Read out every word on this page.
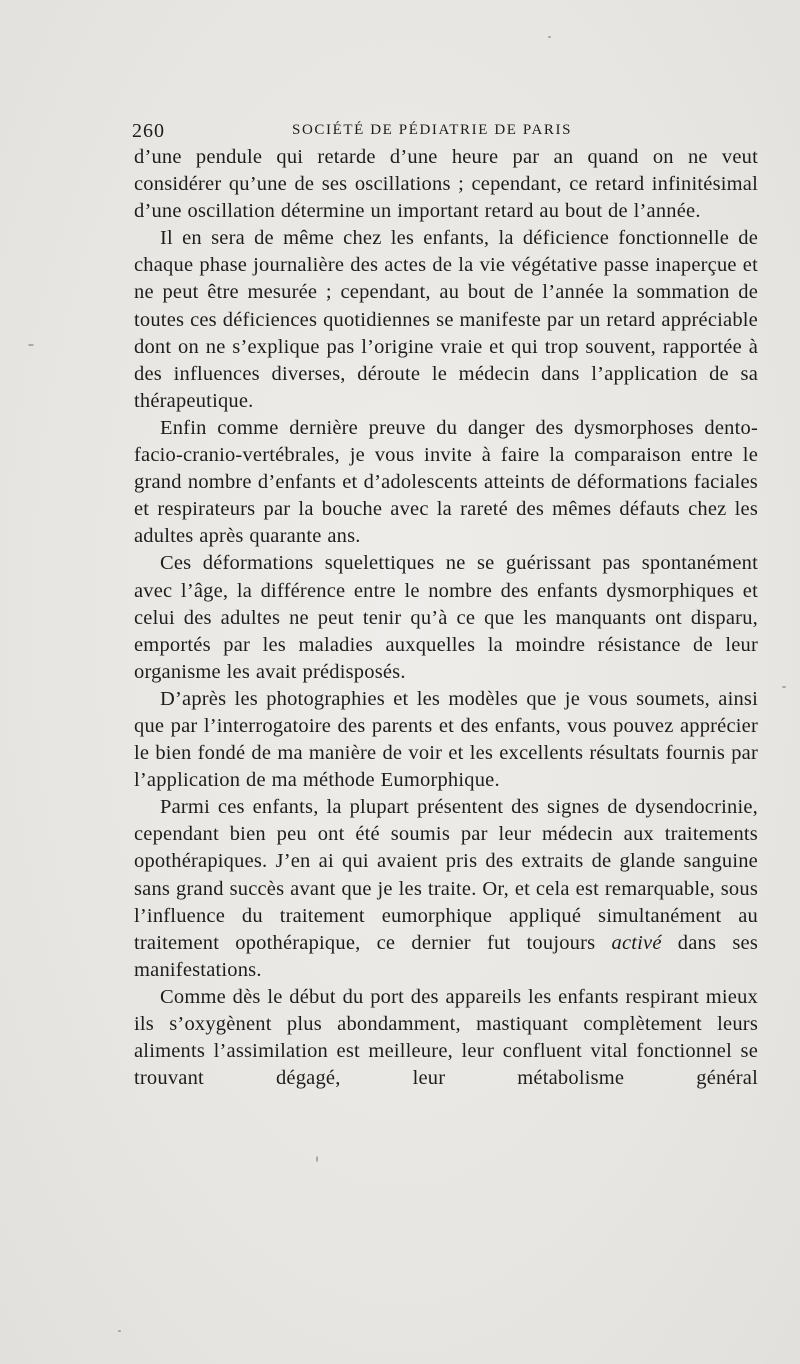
260	SOCIÉTÉ DE PÉDIATRIE DE PARIS

d’une pendule qui retarde d’une heure par an quand on ne veut considérer qu’une de ses oscillations ; cependant, ce retard infinitésimal d’une oscillation détermine un important retard au bout de l’année.

Il en sera de même chez les enfants, la déficience fonctionnelle de chaque phase journalière des actes de la vie végétative passe inaperçue et ne peut être mesurée ; cependant, au bout de l’année la sommation de toutes ces déficiences quotidiennes se manifeste par un retard appréciable dont on ne s’explique pas l’origine vraie et qui trop souvent, rapportée à des influences diverses, déroute le médecin dans l’application de sa thérapeutique.

Enfin comme dernière preuve du danger des dysmorphoses dento-facio-cranio-vertébrales, je vous invite à faire la comparaison entre le grand nombre d’enfants et d’adolescents atteints de déformations faciales et respirateurs par la bouche avec la rareté des mêmes défauts chez les adultes après quarante ans.

Ces déformations squelettiques ne se guérissant pas spontanément avec l’âge, la différence entre le nombre des enfants dysmorphiques et celui des adultes ne peut tenir qu’à ce que les manquants ont disparu, emportés par les maladies auxquelles la moindre résistance de leur organisme les avait prédisposés.

D’après les photographies et les modèles que je vous soumets, ainsi que par l’interrogatoire des parents et des enfants, vous pouvez apprécier le bien fondé de ma manière de voir et les excellents résultats fournis par l’application de ma méthode Eumorphique.

Parmi ces enfants, la plupart présentent des signes de dysendocrinie, cependant bien peu ont été soumis par leur médecin aux traitements opothérapiques. J’en ai qui avaient pris des extraits de glande sanguine sans grand succès avant que je les traite. Or, et cela est remarquable, sous l’influence du traitement eumorphique appliqué simultanément au traitement opothérapique, ce dernier fut toujours activé dans ses manifestations.

Comme dès le début du port des appareils les enfants respirant mieux ils s’oxygènent plus abondamment, mastiquant complètement leurs aliments l’assimilation est meilleure, leur confluent vital fonctionnel se trouvant dégagé, leur métabolisme général
